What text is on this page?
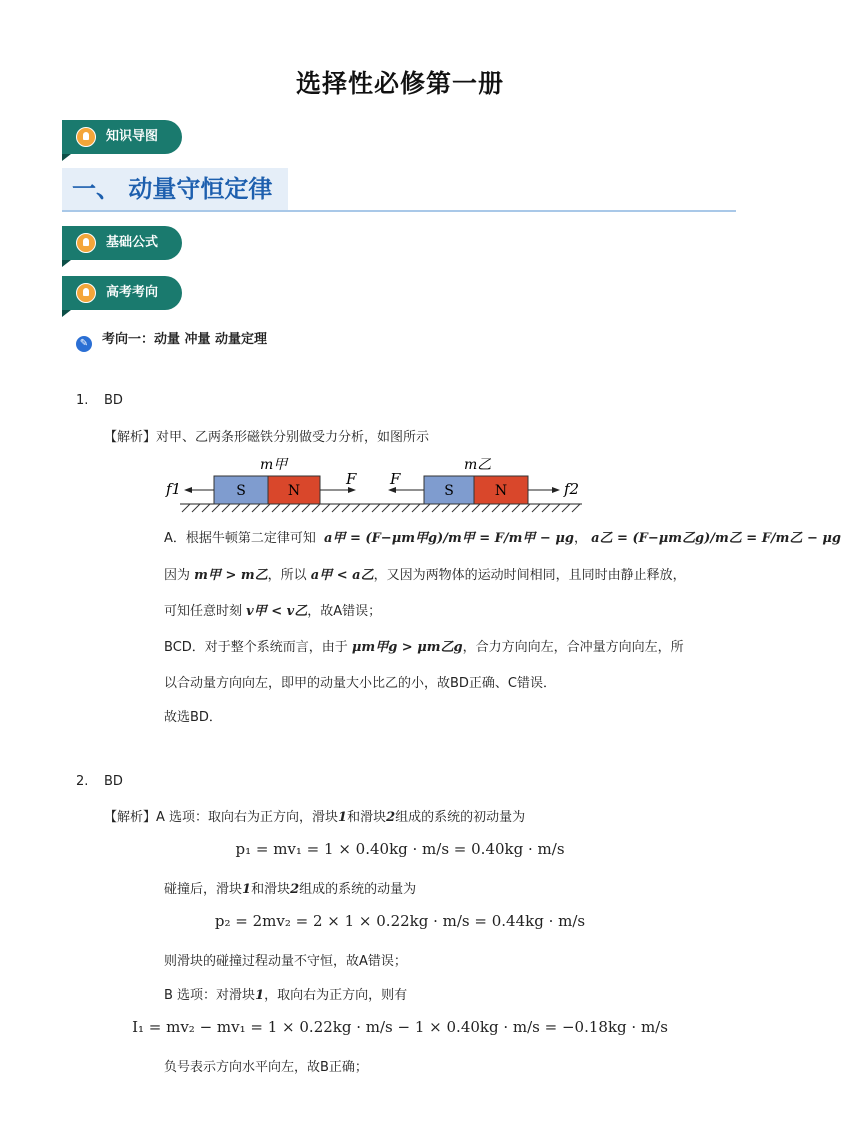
选择性必修第一册
知识导图
一、 动量守恒定律
基础公式
高考考向
✎ 考向一：动量 冲量 动量定理
1. BD
【解析】对甲、乙两条形磁铁分别做受力分析，如图所示
S	N
m甲
f1
F F
S	N
m乙
f2
A．根据牛顿第二定律可知 a甲 = (F−μm甲g)/m甲 = F/m甲 − μg， a乙 = (F−μm乙g)/m乙 = F/m乙 − μg
因为 m甲 > m乙，所以 a甲 < a乙，又因为两物体的运动时间相同，且同时由静止释放，
可知任意时刻 v甲 < v乙，故A错误；
BCD．对于整个系统而言，由于 μm甲g > μm乙g，合力方向向左，合冲量方向向左，所
以合动量方向向左，即甲的动量大小比乙的小，故BD正确、C错误．
故选BD．
2. BD
【解析】A 选项：取向右为正方向，滑块1和滑块2组成的系统的初动量为
p₁ = mv₁ = 1 × 0.40kg · m/s = 0.40kg · m/s
碰撞后，滑块1和滑块2组成的系统的动量为
p₂ = 2mv₂ = 2 × 1 × 0.22kg · m/s = 0.44kg · m/s
则滑块的碰撞过程动量不守恒，故A错误；
B 选项：对滑块1，取向右为正方向，则有
I₁ = mv₂ − mv₁ = 1 × 0.22kg · m/s − 1 × 0.40kg · m/s = −0.18kg · m/s
负号表示方向水平向左，故B正确；
